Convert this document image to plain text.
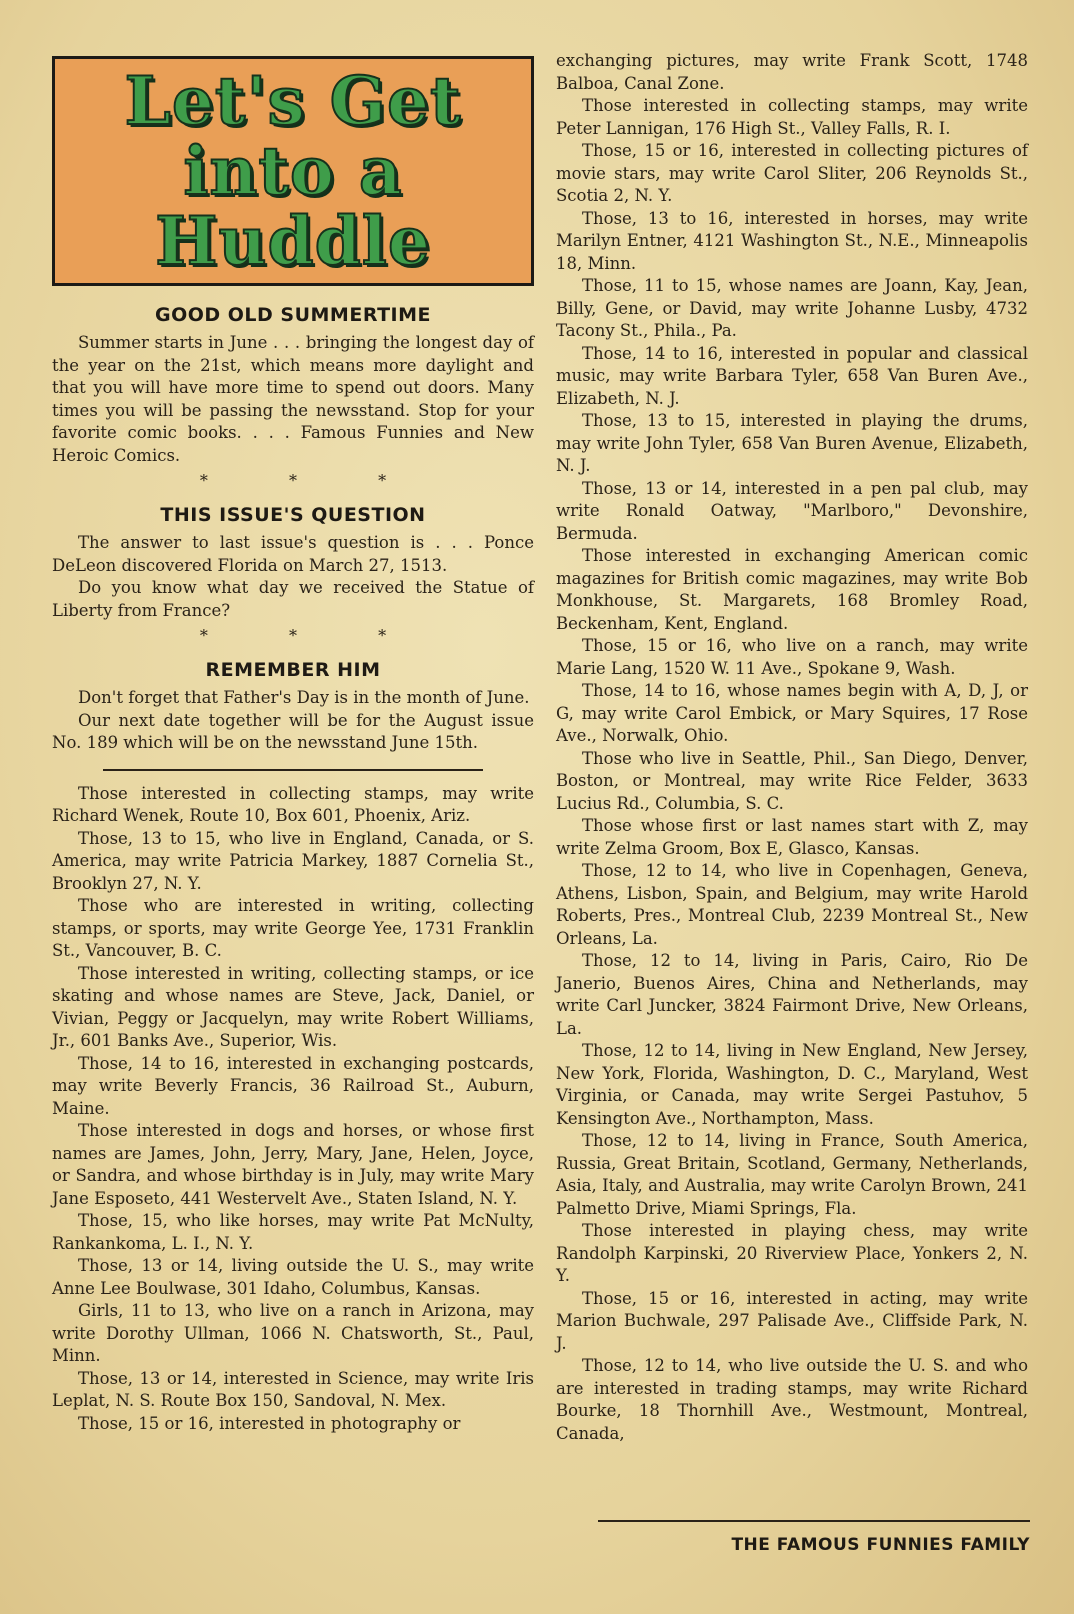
Let's Get
into a
Huddle
GOOD OLD SUMMERTIME

Summer starts in June . . . bringing the longest day of the year on the 21st, which means more daylight and that you will have more time to spend out doors. Many times you will be passing the newsstand. Stop for your favorite comic books. . . . Famous Funnies and New Heroic Comics.

* * *
THIS ISSUE'S QUESTION

The answer to last issue's question is . . . Ponce DeLeon discovered Florida on March 27, 1513.

Do you know what day we received the Statue of Liberty from France?

* * *
REMEMBER HIM

Don't forget that Father's Day is in the month of June.

Our next date together will be for the August issue No. 189 which will be on the newsstand June 15th.

Those interested in collecting stamps, may write Richard Wenek, Route 10, Box 601, Phoenix, Ariz.

Those, 13 to 15, who live in England, Canada, or S. America, may write Patricia Markey, 1887 Cornelia St., Brooklyn 27, N. Y.

Those who are interested in writing, collecting stamps, or sports, may write George Yee, 1731 Franklin St., Vancouver, B. C.

Those interested in writing, collecting stamps, or ice skating and whose names are Steve, Jack, Daniel, or Vivian, Peggy or Jacquelyn, may write Robert Williams, Jr., 601 Banks Ave., Superior, Wis.

Those, 14 to 16, interested in exchanging postcards, may write Beverly Francis, 36 Railroad St., Auburn, Maine.

Those interested in dogs and horses, or whose first names are James, John, Jerry, Mary, Jane, Helen, Joyce, or Sandra, and whose birthday is in July, may write Mary Jane Esposeto, 441 Westervelt Ave., Staten Island, N. Y.

Those, 15, who like horses, may write Pat McNulty, Rankankoma, L. I., N. Y.

Those, 13 or 14, living outside the U. S., may write Anne Lee Boulwase, 301 Idaho, Columbus, Kansas.

Girls, 11 to 13, who live on a ranch in Arizona, may write Dorothy Ullman, 1066 N. Chatsworth, St., Paul, Minn.

Those, 13 or 14, interested in Science, may write Iris Leplat, N. S. Route Box 150, Sandoval, N. Mex.

Those, 15 or 16, interested in photography or

exchanging pictures, may write Frank Scott, 1748 Balboa, Canal Zone.

Those interested in collecting stamps, may write Peter Lannigan, 176 High St., Valley Falls, R. I.

Those, 15 or 16, interested in collecting pictures of movie stars, may write Carol Sliter, 206 Reynolds St., Scotia 2, N. Y.

Those, 13 to 16, interested in horses, may write Marilyn Entner, 4121 Washington St., N.E., Minneapolis 18, Minn.

Those, 11 to 15, whose names are Joann, Kay, Jean, Billy, Gene, or David, may write Johanne Lusby, 4732 Tacony St., Phila., Pa.

Those, 14 to 16, interested in popular and classical music, may write Barbara Tyler, 658 Van Buren Ave., Elizabeth, N. J.

Those, 13 to 15, interested in playing the drums, may write John Tyler, 658 Van Buren Avenue, Elizabeth, N. J.

Those, 13 or 14, interested in a pen pal club, may write Ronald Oatway, "Marlboro," Devonshire, Bermuda.

Those interested in exchanging American comic magazines for British comic magazines, may write Bob Monkhouse, St. Margarets, 168 Bromley Road, Beckenham, Kent, England.

Those, 15 or 16, who live on a ranch, may write Marie Lang, 1520 W. 11 Ave., Spokane 9, Wash.

Those, 14 to 16, whose names begin with A, D, J, or G, may write Carol Embick, or Mary Squires, 17 Rose Ave., Norwalk, Ohio.

Those who live in Seattle, Phil., San Diego, Denver, Boston, or Montreal, may write Rice Felder, 3633 Lucius Rd., Columbia, S. C.

Those whose first or last names start with Z, may write Zelma Groom, Box E, Glasco, Kansas.

Those, 12 to 14, who live in Copenhagen, Geneva, Athens, Lisbon, Spain, and Belgium, may write Harold Roberts, Pres., Montreal Club, 2239 Montreal St., New Orleans, La.

Those, 12 to 14, living in Paris, Cairo, Rio De Janerio, Buenos Aires, China and Netherlands, may write Carl Juncker, 3824 Fairmont Drive, New Orleans, La.

Those, 12 to 14, living in New England, New Jersey, New York, Florida, Washington, D. C., Maryland, West Virginia, or Canada, may write Sergei Pastuhov, 5 Kensington Ave., Northampton, Mass.

Those, 12 to 14, living in France, South America, Russia, Great Britain, Scotland, Germany, Netherlands, Asia, Italy, and Australia, may write Carolyn Brown, 241 Palmetto Drive, Miami Springs, Fla.

Those interested in playing chess, may write Randolph Karpinski, 20 Riverview Place, Yonkers 2, N. Y.

Those, 15 or 16, interested in acting, may write Marion Buchwale, 297 Palisade Ave., Cliffside Park, N. J.

Those, 12 to 14, who live outside the U. S. and who are interested in trading stamps, may write Richard Bourke, 18 Thornhill Ave., Westmount, Montreal, Canada,

THE FAMOUS FUNNIES FAMILY
